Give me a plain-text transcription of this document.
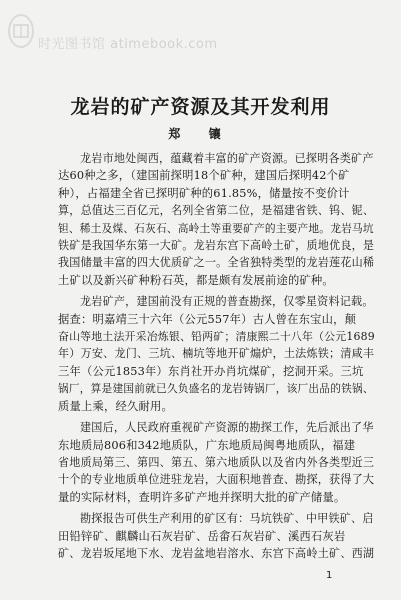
时光图书馆 atimebook.com
龙岩的矿产资源及其开发利用
郑 镶
龙岩市地处闽西，蕴藏着丰富的矿产资源。已探明各类矿产
达60种之多，（建国前探明18个矿种，建国后探明42个矿
种），占福建全省已探明矿种的61.85%，储量按不变价计
算，总值达三百亿元，名列全省第二位，是福建省铁、钨、铌、
钽、稀土及煤、石灰石、高岭土等重要矿产的主要产地。龙岩马坑
铁矿是我国华东第一大矿。龙岩东宫下高岭土矿，质地优良，是
我国储量丰富的四大优质矿之一。全省独特类型的龙岩莲花山稀
土矿以及新兴矿种粉石英，都是颇有发展前途的矿种。
龙岩矿产，建国前没有正规的普查勘探，仅零星资料记载。
据查：明嘉靖三十六年（公元557年）古人曾在东宝山，颠
奋山等地土法开采冶炼银、铅两矿；清康熙二十八年（公元1689
年）万安、龙门、三坑、楠坑等地开矿煽炉，土法炼铁；清咸丰
三年（公元1853年）东肖社开办肖坑煤矿，挖洞开采。三坑
锅厂，算是建国前就已久负盛名的龙岩铸锅厂，该厂出品的铁锅、
质量上乘，经久耐用。
建国后，人民政府重视矿产资源的勘探工作，先后派出了华
东地质局806和342地质队，广东地质局闽粤地质队，福建
省地质局第三、第四、第五、第六地质队以及省内外各类型近三
十个的专业地质单位进驻龙岩，大面积地普查、勘探，获得了大
量的实际材料，查明许多矿产地并探明大批的矿产储量。
勘探报告可供生产利用的矿区有：马坑铁矿、中甲铁矿、启
田铅锌矿、麒麟山石灰岩矿、岳畲石灰岩矿、溪西石灰岩
矿、龙岩坂尾地下水、龙岩盆地岩溶水、东宫下高岭土矿、西湖
1
